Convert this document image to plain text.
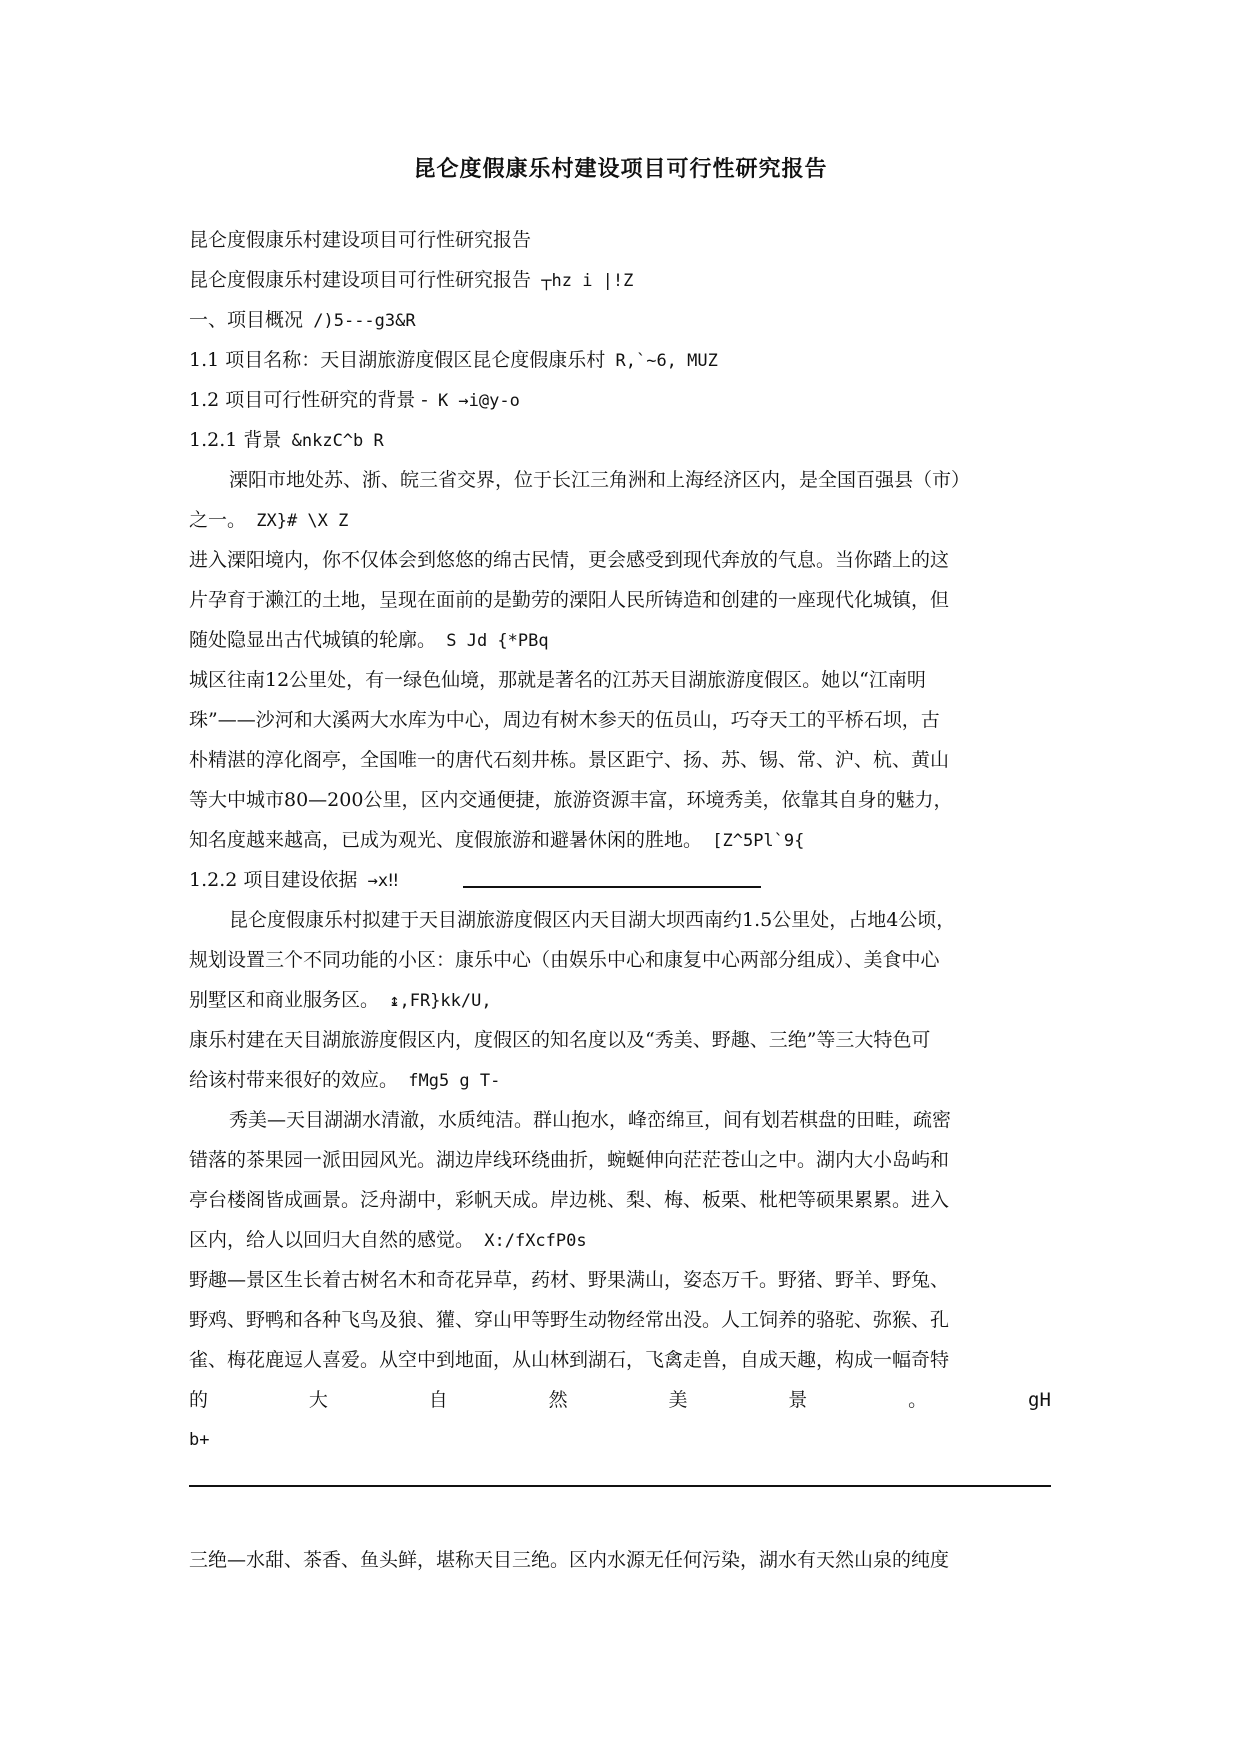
昆仑度假康乐村建设项目可行性研究报告
昆仑度假康乐村建设项目可行性研究报告
昆仑度假康乐村建设项目可行性研究报告 ┬hz i |!Z
一、项目概况 /)5---g3&R
1.1 项目名称：天目湖旅游度假区昆仑度假康乐村 R,`~6, MUZ
1.2 项目可行性研究的背景 - K →i@y-o
1.2.1 背景 &nkzC^b R
溧阳市地处苏、浙、皖三省交界，位于长江三角洲和上海经济区内，是全国百强县（市）
之一。 ZX}# \X Z
进入溧阳境内，你不仅体会到悠悠的绵古民情，更会感受到现代奔放的气息。当你踏上的这
片孕育于濑江的土地，呈现在面前的是勤劳的溧阳人民所铸造和创建的一座现代化城镇，但
随处隐显出古代城镇的轮廓。 S Jd {*PBq
城区往南12公里处，有一绿色仙境，那就是著名的江苏天目湖旅游度假区。她以“江南明
珠”——沙河和大溪两大水库为中心，周边有树木参天的伍员山，巧夺天工的平桥石坝，古
朴精湛的淳化阁亭，全国唯一的唐代石刻井栋。景区距宁、扬、苏、锡、常、沪、杭、黄山
等大中城市80—200公里，区内交通便捷，旅游资源丰富，环境秀美，依靠其自身的魅力，
知名度越来越高，已成为观光、度假旅游和避暑休闲的胜地。 [Z^5Pl`9{
1.2.2 项目建设依据 →x‼
昆仑度假康乐村拟建于天目湖旅游度假区内天目湖大坝西南约1.5公里处，占地4公顷，
规划设置三个不同功能的小区：康乐中心（由娱乐中心和康复中心两部分组成）、美食中心
别墅区和商业服务区。 ↨,FR}kk/U,
康乐村建在天目湖旅游度假区内，度假区的知名度以及“秀美、野趣、三绝”等三大特色可
给该村带来很好的效应。 fMg5 g T-
秀美—天目湖湖水清澈，水质纯洁。群山抱水，峰峦绵亘，间有划若棋盘的田畦，疏密
错落的茶果园一派田园风光。湖边岸线环绕曲折，蜿蜒伸向茫茫苍山之中。湖内大小岛屿和
亭台楼阁皆成画景。泛舟湖中，彩帆天成。岸边桃、梨、梅、板栗、枇杷等硕果累累。进入
区内，给人以回归大自然的感觉。 X:/fXcfP0s
野趣—景区生长着古树名木和奇花异草，药材、野果满山，姿态万千。野猪、野羊、野兔、
野鸡、野鸭和各种飞鸟及狼、獾、穿山甲等野生动物经常出没。人工饲养的骆驼、弥猴、孔
雀、梅花鹿逗人喜爱。从空中到地面，从山林到湖石，飞禽走兽，自成天趣，构成一幅奇特
的	大	自	然	美	景	。	gH
b+
三绝—水甜、茶香、鱼头鲜，堪称天目三绝。区内水源无任何污染，湖水有天然山泉的纯度
